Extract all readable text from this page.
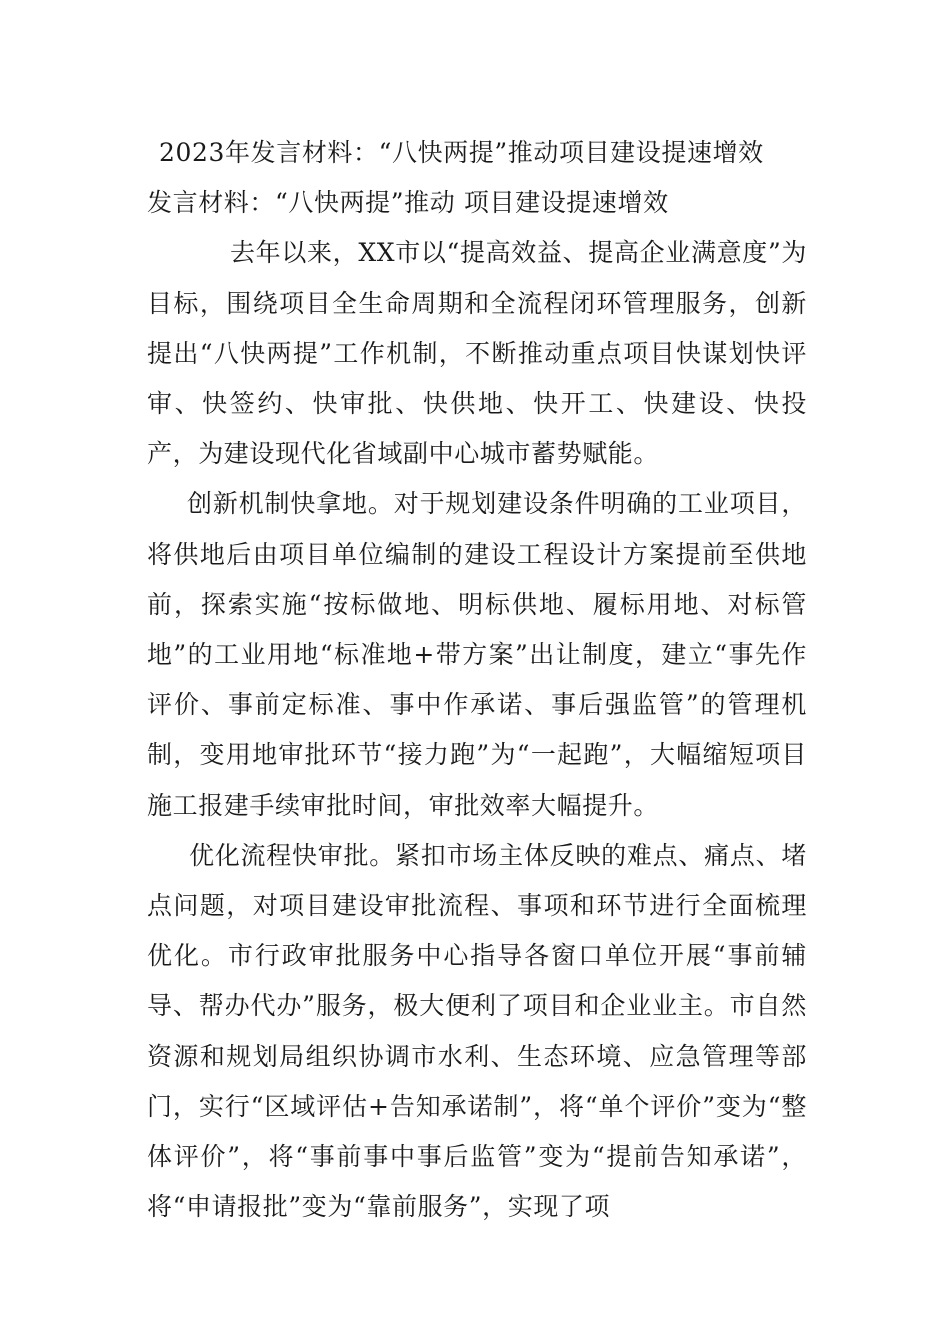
2023年发言材料：“八快两提”推动项目建设提速增效

发言材料：“八快两提”推动 项目建设提速增效

去年以来，XX市以“提高效益、提高企业满意度”为目标，围绕项目全生命周期和全流程闭环管理服务，创新提出“八快两提”工作机制，不断推动重点项目快谋划快评审、快签约、快审批、快供地、快开工、快建设、快投产，为建设现代化省域副中心城市蓄势赋能。

创新机制快拿地。对于规划建设条件明确的工业项目，将供地后由项目单位编制的建设工程设计方案提前至供地前，探索实施“按标做地、明标供地、履标用地、对标管地”的工业用地“标准地+带方案”出让制度，建立“事先作评价、事前定标准、事中作承诺、事后强监管”的管理机制，变用地审批环节“接力跑”为“一起跑”，大幅缩短项目施工报建手续审批时间，审批效率大幅提升。

优化流程快审批。紧扣市场主体反映的难点、痛点、堵点问题，对项目建设审批流程、事项和环节进行全面梳理优化。市行政审批服务中心指导各窗口单位开展“事前辅导、帮办代办”服务，极大便利了项目和企业业主。市自然资源和规划局组织协调市水利、生态环境、应急管理等部门，实行“区域评估+告知承诺制”，将“单个评价”变为“整体评价”，将“事前事中事后监管”变为“提前告知承诺”，将“申请报批”变为“靠前服务”，实现了项
